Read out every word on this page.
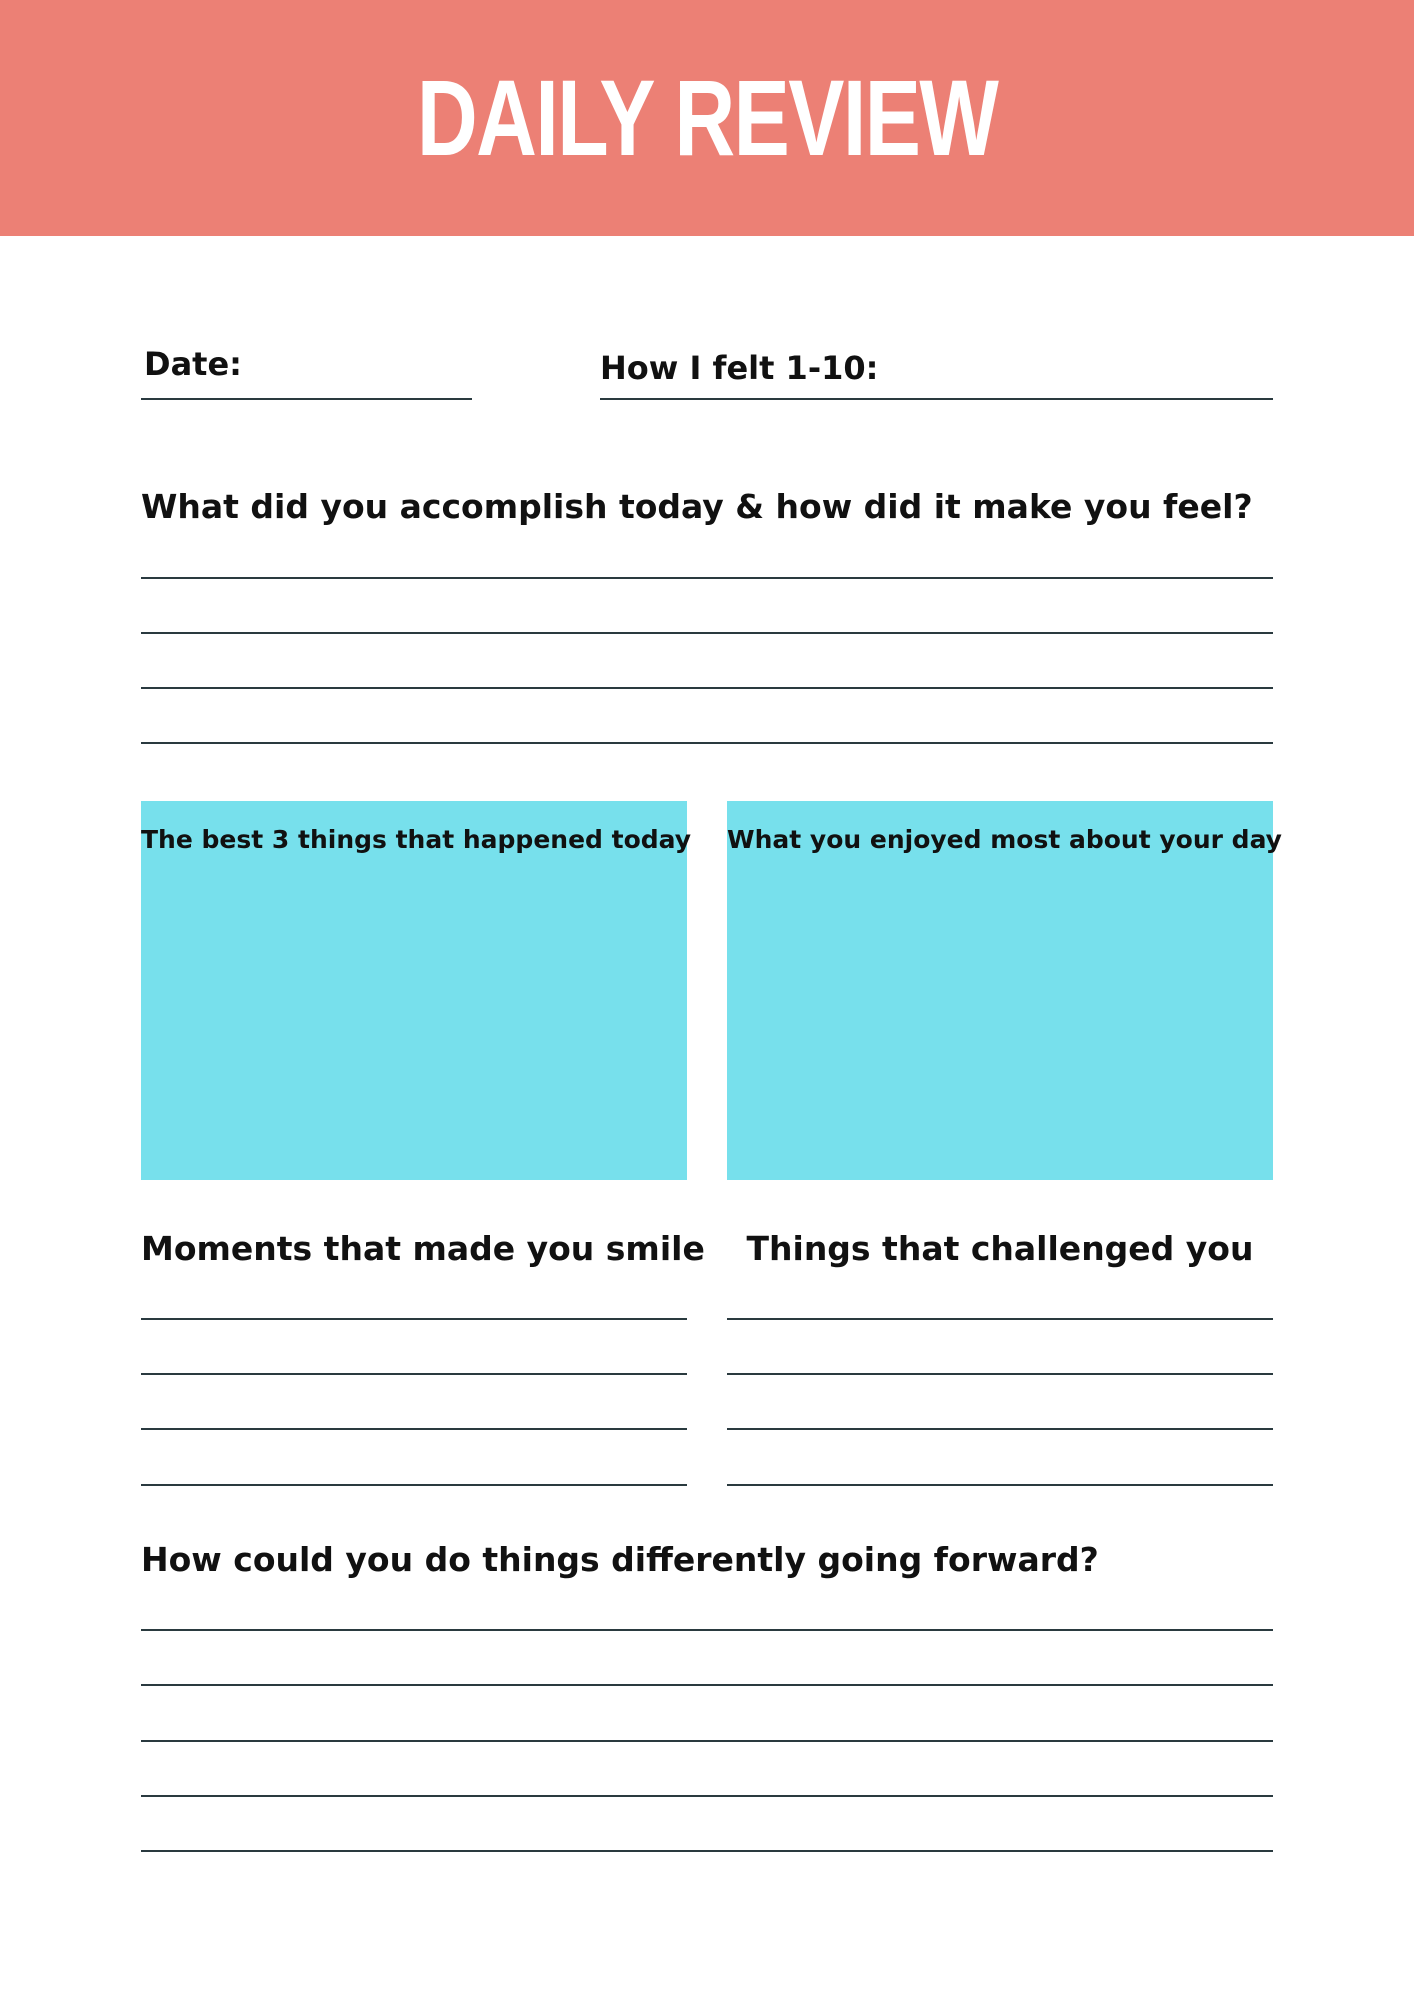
DAILY REVIEW
Date:	How I felt 1-10:
What did you accomplish today & how did it make you feel?
The best 3 things that happened today What you enjoyed most about your day
Moments that made you smile	Things that challenged you
How could you do things differently going forward?
